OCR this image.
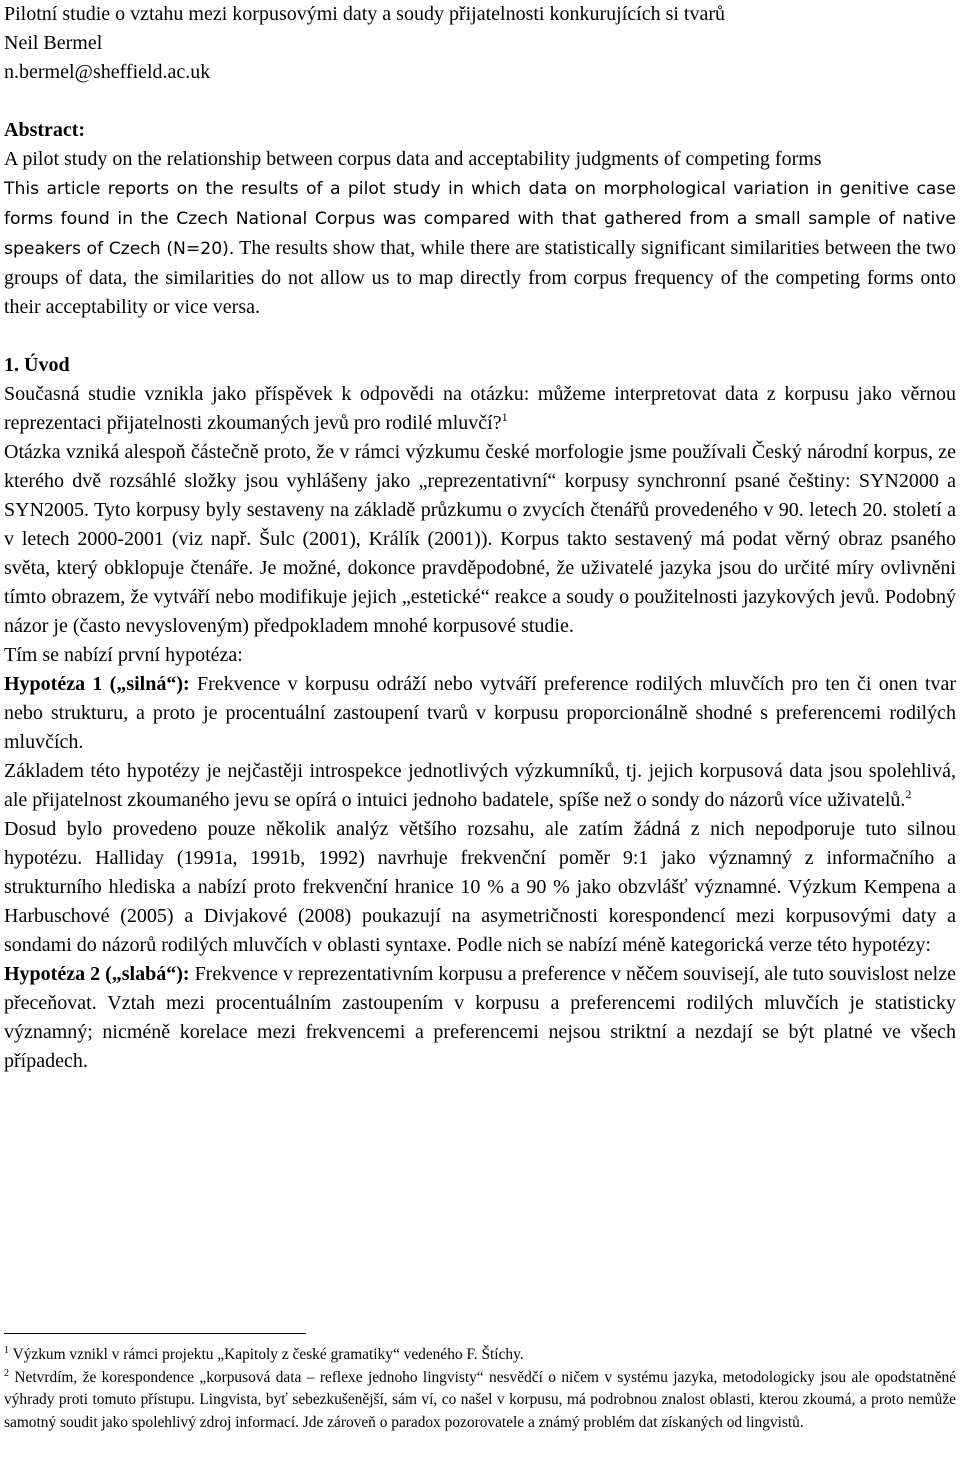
Pilotní studie o vztahu mezi korpusovými daty a soudy přijatelnosti konkurujících si tvarů
Neil Bermel
n.bermel@sheffield.ac.uk
Abstract:

A pilot study on the relationship between corpus data and acceptability judgments of competing forms

This article reports on the results of a pilot study in which data on morphological variation in genitive case forms found in the Czech National Corpus was compared with that gathered from a small sample of native speakers of Czech (N=20). The results show that, while there are statistically significant similarities between the two groups of data, the similarities do not allow us to map directly from corpus frequency of the competing forms onto their acceptability or vice versa.

1. Úvod

Současná studie vznikla jako příspěvek k odpovědi na otázku: můžeme interpretovat data z korpusu jako věrnou reprezentaci přijatelnosti zkoumaných jevů pro rodilé mluvčí?$^1$

Otázka vzniká alespoň částečně proto, že v rámci výzkumu české morfologie jsme používali Český národní korpus, ze kterého dvě rozsáhlé složky jsou vyhlášeny jako „reprezentativní“ korpusy synchronní psané češtiny: SYN2000 a SYN2005. Tyto korpusy byly sestaveny na základě průzkumu o zvycích čtenářů provedeného v 90. letech 20. století a v letech 2000-2001 (viz např. Šulc (2001), Králík (2001)). Korpus takto sestavený má podat věrný obraz psaného světa, který obklopuje čtenáře. Je možné, dokonce pravděpodobné, že uživatelé jazyka jsou do určité míry ovlivněni tímto obrazem, že vytváří nebo modifikuje jejich „estetické“ reakce a soudy o použitelnosti jazykových jevů. Podobný názor je (často nevysloveným) předpokladem mnohé korpusové studie.

Tím se nabízí první hypotéza:

Hypotéza 1 („silná“): Frekvence v korpusu odráží nebo vytváří preference rodilých mluvčích pro ten či onen tvar nebo strukturu, a proto je procentuální zastoupení tvarů v korpusu proporcionálně shodné s preferencemi rodilých mluvčích.

Základem této hypotézy je nejčastěji introspekce jednotlivých výzkumníků, tj. jejich korpusová data jsou spolehlivá, ale přijatelnost zkoumaného jevu se opírá o intuici jednoho badatele, spíše než o sondy do názorů více uživatelů.$^2$

Dosud bylo provedeno pouze několik analýz většího rozsahu, ale zatím žádná z nich nepodporuje tuto silnou hypotézu. Halliday (1991a, 1991b, 1992) navrhuje frekvenční poměr 9:1 jako významný z informačního a strukturního hlediska a nabízí proto frekvenční hranice 10 % a 90 % jako obzvlášť významné. Výzkum Kempena a Harbuschové (2005) a Divjakové (2008) poukazují na asymetričnosti korespondencí mezi korpusovými daty a sondami do názorů rodilých mluvčích v oblasti syntaxe. Podle nich se nabízí méně kategorická verze této hypotézy:

Hypotéza 2 („slabá“): Frekvence v reprezentativním korpusu a preference v něčem souvisejí, ale tuto souvislost nelze přeceňovat. Vztah mezi procentuálním zastoupením v korpusu a preferencemi rodilých mluvčích je statisticky významný; nicméně korelace mezi frekvencemi a preferencemi nejsou striktní a nezdají se být platné ve všech případech.

$^1$ Výzkum vznikl v rámci projektu „Kapitoly z české gramatiky“ vedeného F. Štíchy.

$^2$ Netvrdím, že korespondence „korpusová data – reflexe jednoho lingvisty“ nesvědčí o ničem v systému jazyka, metodologicky jsou ale opodstatněné výhrady proti tomuto přístupu. Lingvista, byť sebezkušenější, sám ví, co našel v korpusu, má podrobnou znalost oblasti, kterou zkoumá, a proto nemůže samotný soudit jako spolehlivý zdroj informací. Jde zároveň o paradox pozorovatele a známý problém dat získaných od lingvistů.
